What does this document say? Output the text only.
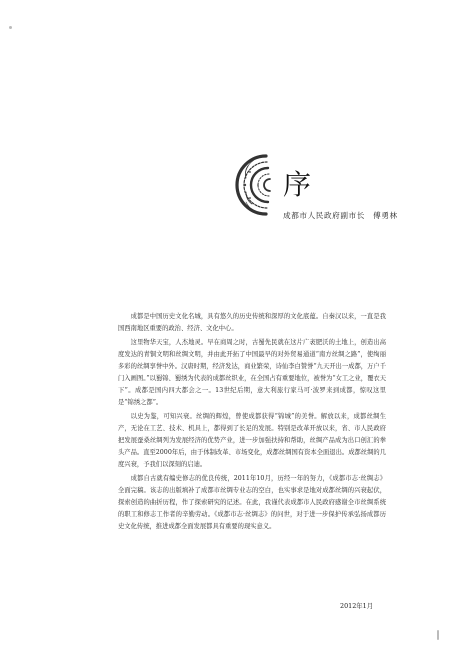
序
成都市人民政府副市长　傅勇林

成都是中国历史文化名城，具有悠久的历史传统和深厚的文化底蕴。自秦汉以来，一直是我国西南地区重要的政治、经济、文化中心。

这里物华天宝，人杰地灵。早在商周之时，古蜀先民就在这片广袤肥沃的土地上，创造出高度发达的青铜文明和丝绸文明，并由此开拓了中国最早的对外贸易通道“南方丝绸之路”，使绚丽多彩的丝绸享誉中外。汉唐时期，经济发达，商业繁荣，诗仙李白赞誉“九天开出一成都，万户千门入画图。”以蜀锦、蜀绣为代表的成都丝织业，在全国占有重要地位，被誉为“女工之业，覆衣天下”。成都是国内四大都会之一。13世纪后期，意大利旅行家马可·波罗来到成都，惊叹这里是“锦绣之都”。

以史为鉴，可知兴衰。丝绸的辉煌，曾使成都获得“锦城”的美誉。解放以来，成都丝绸生产，无论在工艺、技术、机具上，都得到了长足的发展。特别是改革开放以来，省、市人民政府把发展蚕桑丝绸列为发展经济的优势产业，进一步加强扶持和帮助，丝绸产品成为出口创汇的拳头产品。直至2000年后，由于体制改革、市场变化，成都丝绸国有资本全面退出。成都丝绸的几度兴衰，予我们以深刻的启迪。

成都自古就有编史修志的优良传统，2011年10月，历经一年的努力，《成都市志·丝绸志》全面完稿。该志的出版填补了成都市丝绸专业志的空白，也实事求是地对成都丝绸的兴衰起伏，探索创造的曲折历程，作了探索研究的记述。在此，我谨代表成都市人民政府感谢全市丝绸系统的职工和修志工作者的辛勤劳动。《成都市志·丝绸志》的问世，对于进一步保护传承弘扬成都历史文化传统，推进成都全面发展都具有重要的现实意义。

2012年1月
